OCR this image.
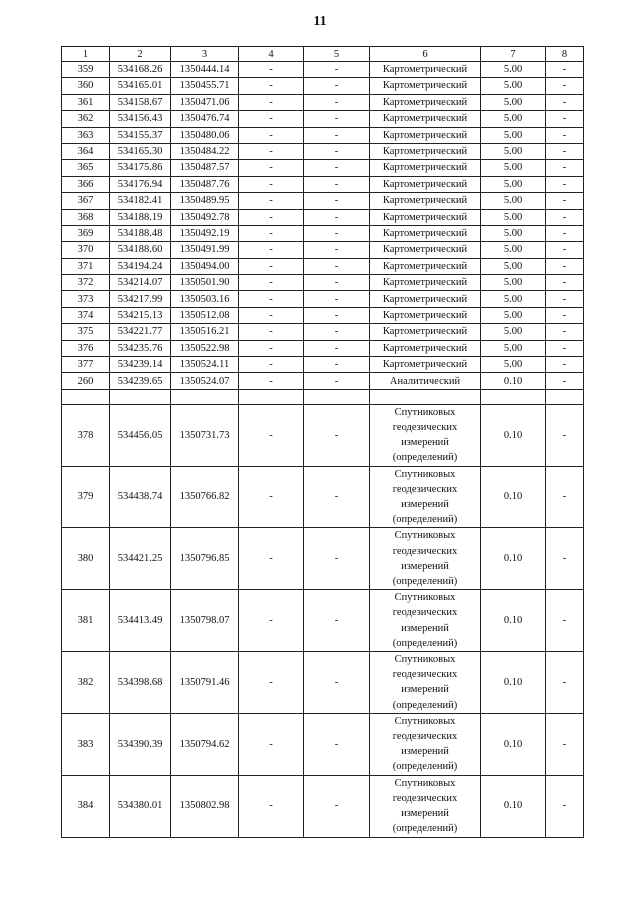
11
1	2	3	4	5	6	7	8
359	534168.26	1350444.14	-	-	Картометрический	5.00	-
360	534165.01	1350455.71	-	-	Картометрический	5.00	-
361	534158.67	1350471.06	-	-	Картометрический	5.00	-
362	534156.43	1350476.74	-	-	Картометрический	5.00	-
363	534155.37	1350480.06	-	-	Картометрический	5.00	-
364	534165.30	1350484.22	-	-	Картометрический	5.00	-
365	534175.86	1350487.57	-	-	Картометрический	5.00	-
366	534176.94	1350487.76	-	-	Картометрический	5.00	-
367	534182.41	1350489.95	-	-	Картометрический	5.00	-
368	534188.19	1350492.78	-	-	Картометрический	5.00	-
369	534188.48	1350492.19	-	-	Картометрический	5.00	-
370	534188.60	1350491.99	-	-	Картометрический	5.00	-
371	534194.24	1350494.00	-	-	Картометрический	5.00	-
372	534214.07	1350501.90	-	-	Картометрический	5.00	-
373	534217.99	1350503.16	-	-	Картометрический	5.00	-
374	534215.13	1350512.08	-	-	Картометрический	5.00	-
375	534221.77	1350516.21	-	-	Картометрический	5.00	-
376	534235.76	1350522.98	-	-	Картометрический	5.00	-
377	534239.14	1350524.11	-	-	Картометрический	5.00	-
260	534239.65	1350524.07	-	-	Аналитический	0.10	-

378	534456.05	1350731.73	-	-	Спутниковых
геодезических
измерений
(определений)	0.10	-
379	534438.74	1350766.82	-	-	Спутниковых
геодезических
измерений
(определений)	0.10	-
380	534421.25	1350796.85	-	-	Спутниковых
геодезических
измерений
(определений)	0.10	-
381	534413.49	1350798.07	-	-	Спутниковых
геодезических
измерений
(определений)	0.10	-
382	534398.68	1350791.46	-	-	Спутниковых
геодезических
измерений
(определений)	0.10	-
383	534390.39	1350794.62	-	-	Спутниковых
геодезических
измерений
(определений)	0.10	-
384	534380.01	1350802.98	-	-	Спутниковых
геодезических
измерений
(определений)	0.10	-
